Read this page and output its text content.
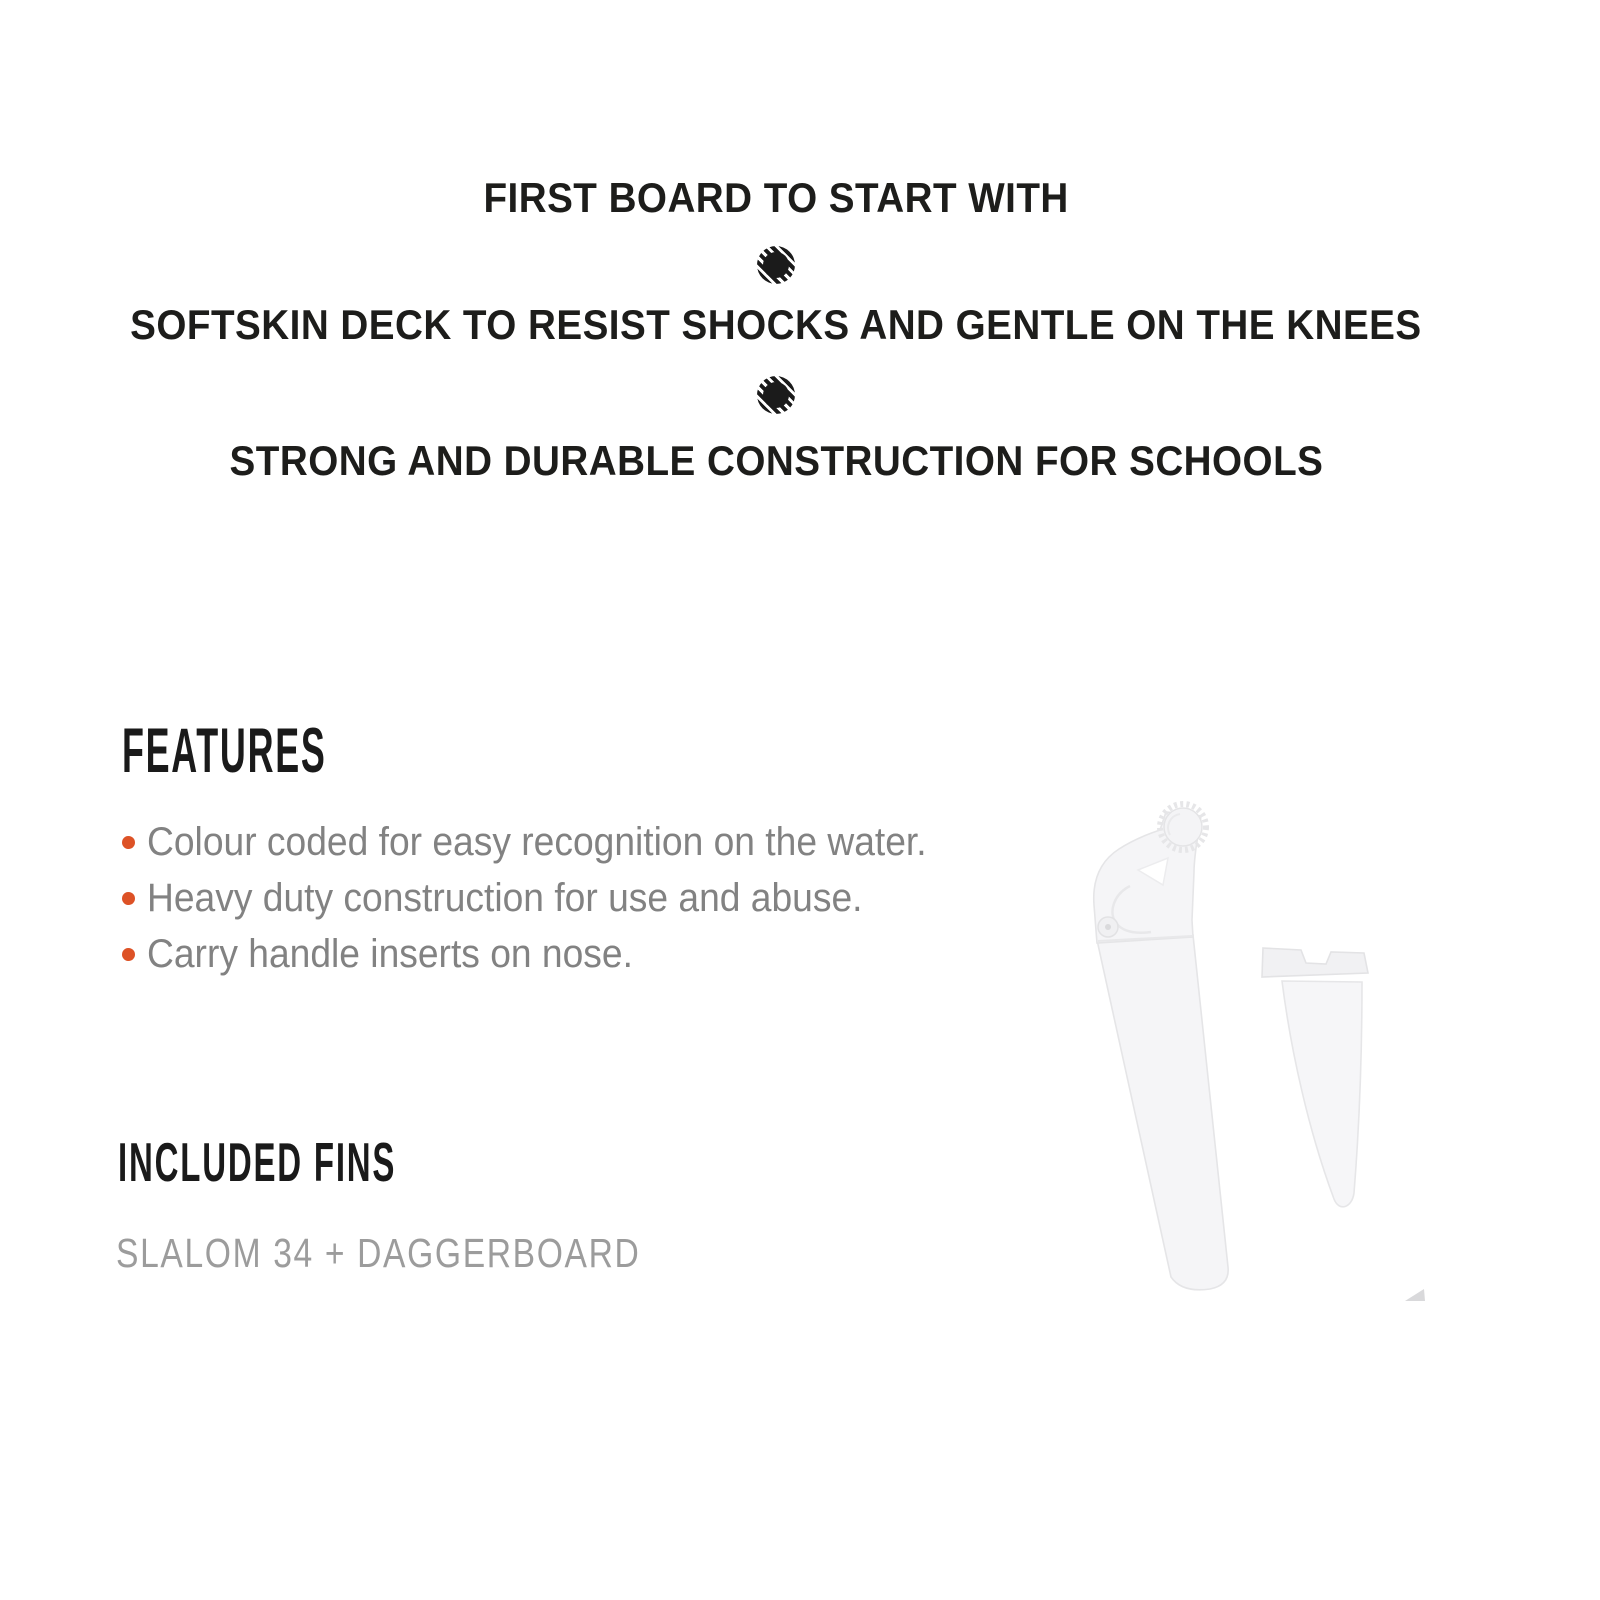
FIRST BOARD TO START WITH
SOFTSKIN DECK TO RESIST SHOCKS AND GENTLE ON THE KNEES
STRONG AND DURABLE CONSTRUCTION FOR SCHOOLS
FEATURES
Colour coded for easy recognition on the water.
Heavy duty construction for use and abuse.
Carry handle inserts on nose.
INCLUDED FINS

SLALOM 34 + DAGGERBOARD
